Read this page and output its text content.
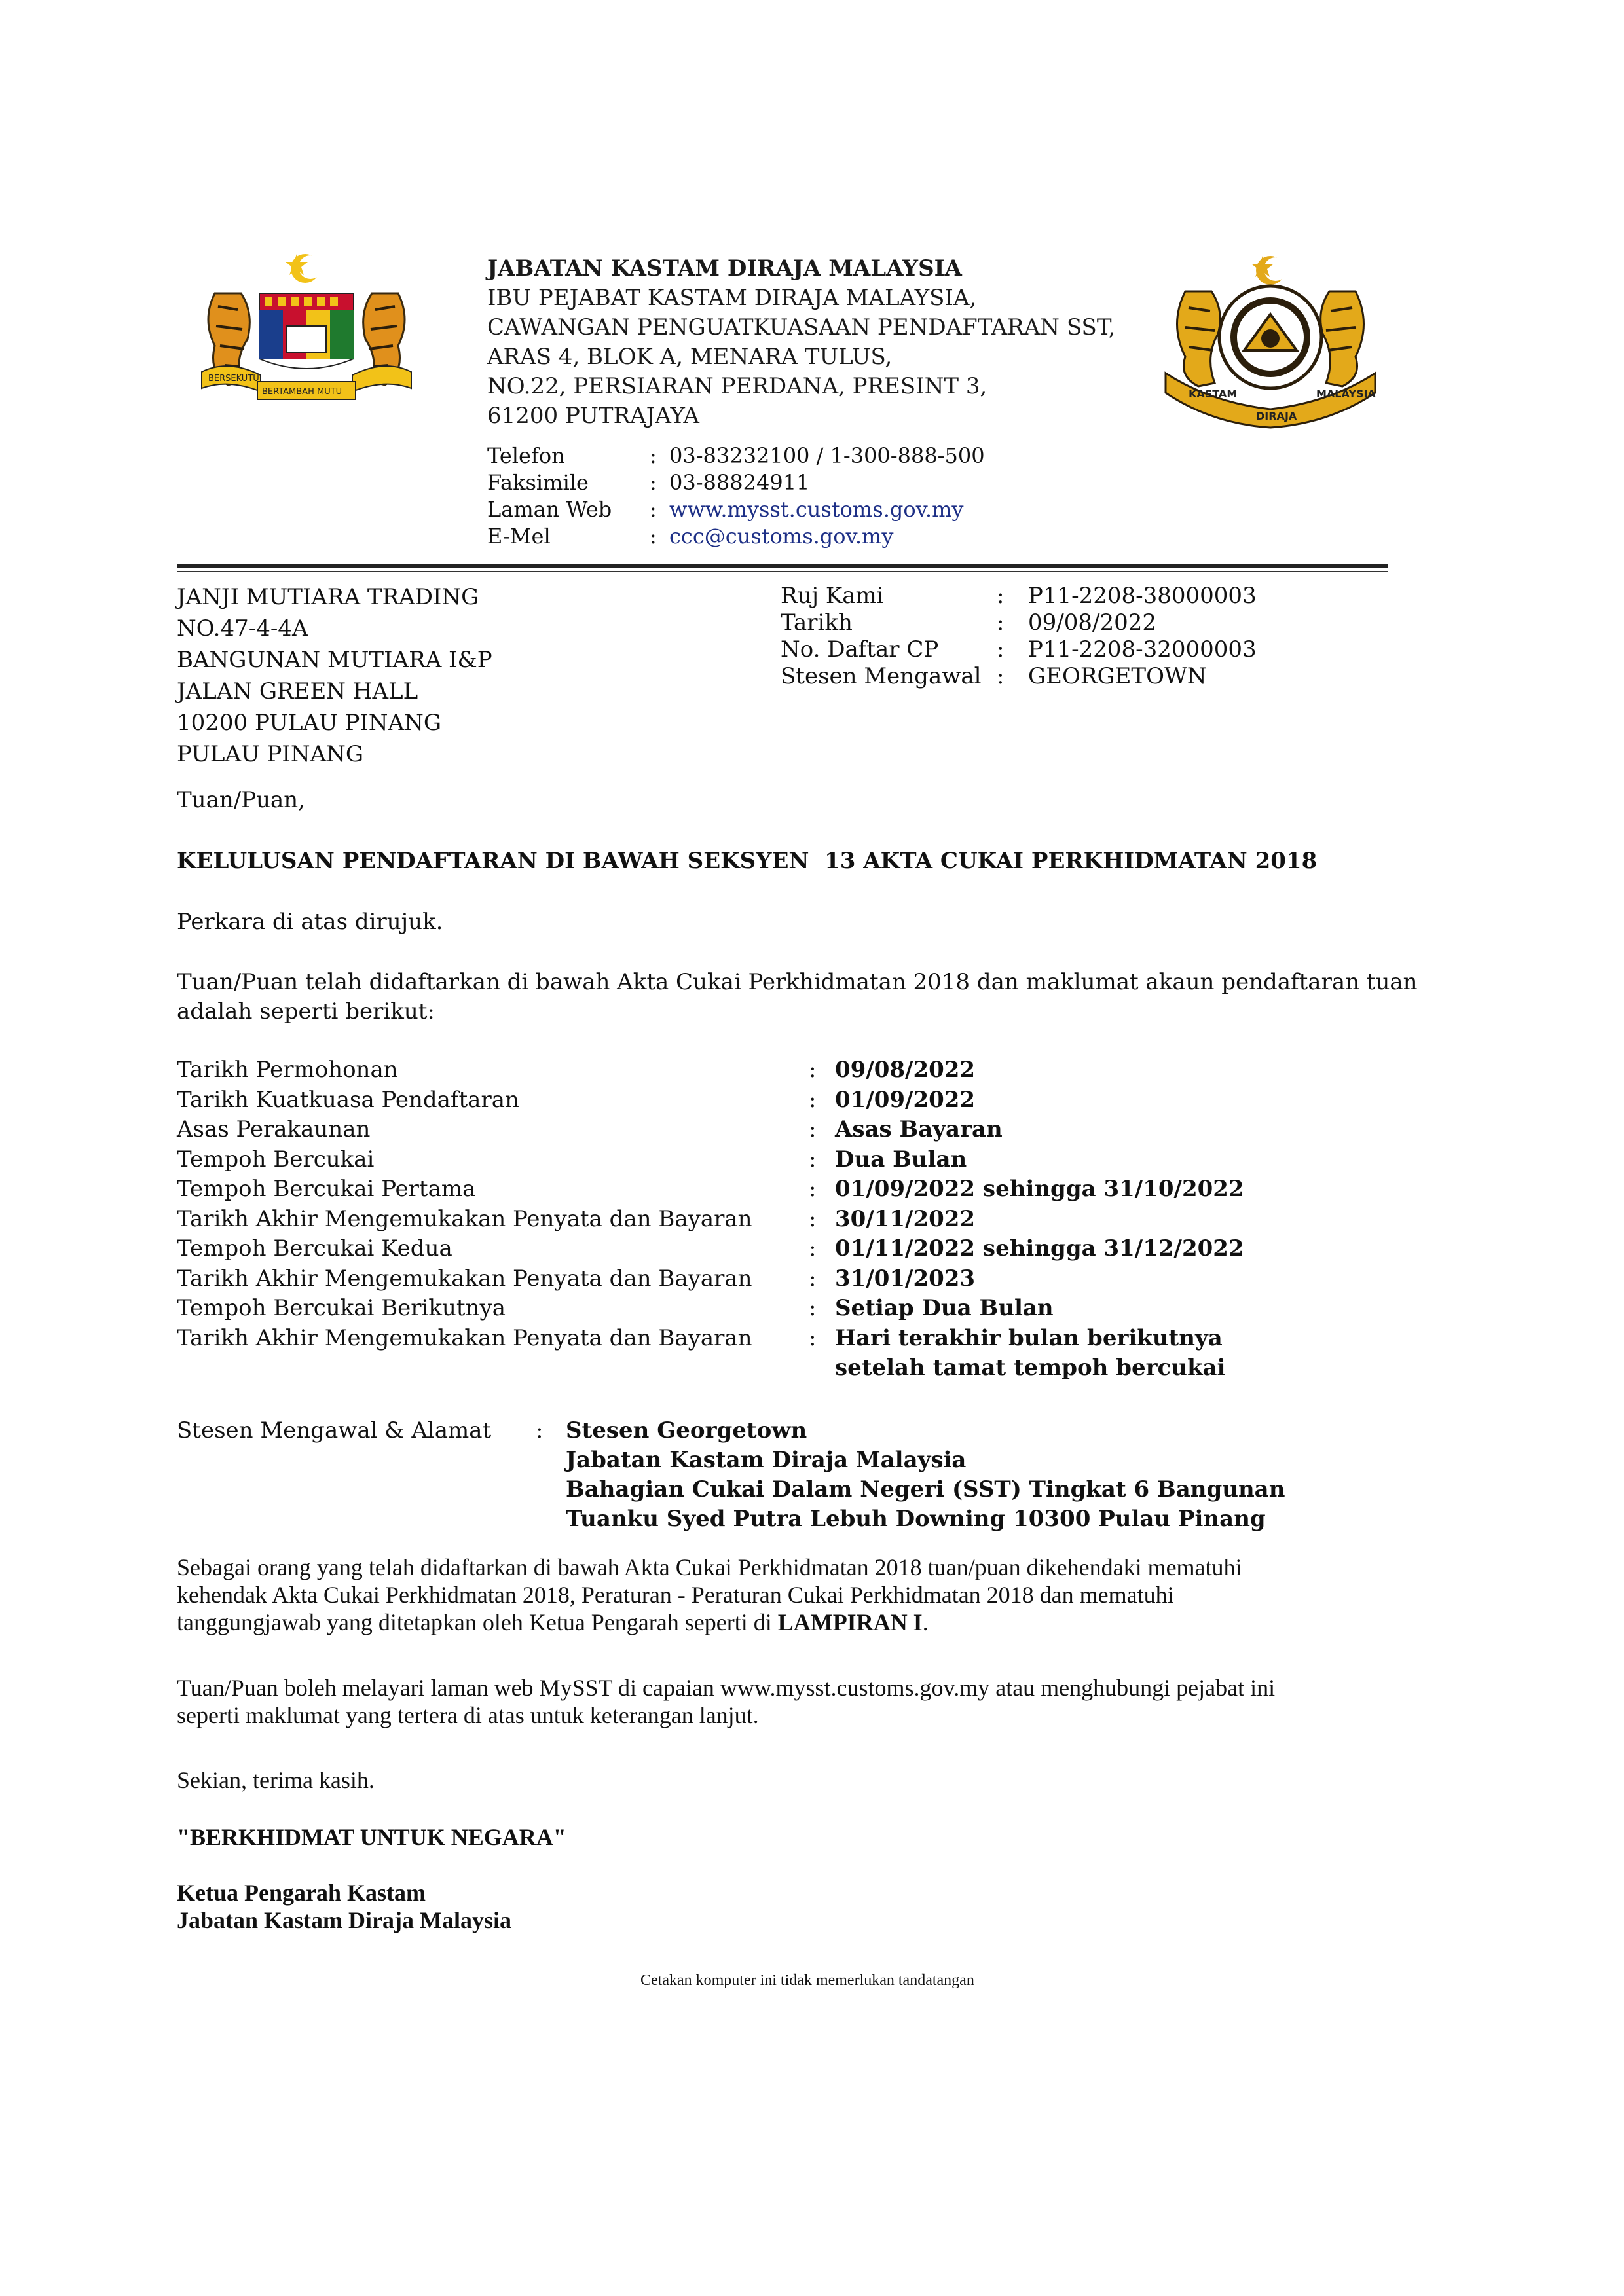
BERSEKUTU
BERTAMBAH MUTU	KASTAM	MALAYSIA
DIRAJA
JABATAN KASTAM DIRAJA MALAYSIA
IBU PEJABAT KASTAM DIRAJA MALAYSIA,
CAWANGAN PENGUATKUASAAN PENDAFTARAN SST,
ARAS 4, BLOK A, MENARA TULUS,
NO.22, PERSIARAN PERDANA, PRESINT 3,
61200 PUTRAJAYA
Telefon	: 03-83232100 / 1-300-888-500
Faksimile	: 03-88824911
Laman Web : www.mysst.customs.gov.my
E-Mel	: ccc@customs.gov.my
JANJI MUTIARA TRADING
NO.47-4-4A
BANGUNAN MUTIARA I&P
JALAN GREEN HALL
10200 PULAU PINANG
PULAU PINANG
Ruj Kami	: P11-2208-38000003
Tarikh	: 09/08/2022
No. Daftar CP	: P11-2208-32000003
Stesen Mengawal : GEORGETOWN
Tuan/Puan,
KELULUSAN PENDAFTARAN DI BAWAH SEKSYEN  13 AKTA CUKAI PERKHIDMATAN 2018
Perkara di atas dirujuk.
Tuan/Puan telah didaftarkan di bawah Akta Cukai Perkhidmatan 2018 dan maklumat akaun pendaftaran tuan
adalah seperti berikut:
Tarikh Permohonan	: 09/08/2022
Tarikh Kuatkuasa Pendaftaran	: 01/09/2022
Asas Perakaunan	: Asas Bayaran
Tempoh Bercukai	: Dua Bulan
Tempoh Bercukai Pertama	: 01/09/2022 sehingga 31/10/2022
Tarikh Akhir Mengemukakan Penyata dan Bayaran	: 30/11/2022
Tempoh Bercukai Kedua	: 01/11/2022 sehingga 31/12/2022
Tarikh Akhir Mengemukakan Penyata dan Bayaran	: 31/01/2023
Tempoh Bercukai Berikutnya	: Setiap Dua Bulan
Tarikh Akhir Mengemukakan Penyata dan Bayaran	: Hari terakhir bulan berikutnya
setelah tamat tempoh bercukai
Stesen Mengawal & Alamat : Stesen Georgetown
Jabatan Kastam Diraja Malaysia
Bahagian Cukai Dalam Negeri (SST) Tingkat 6 Bangunan
Tuanku Syed Putra Lebuh Downing 10300 Pulau Pinang
Sebagai orang yang telah didaftarkan di bawah Akta Cukai Perkhidmatan 2018 tuan/puan dikehendaki mematuhi
kehendak Akta Cukai Perkhidmatan 2018, Peraturan - Peraturan Cukai Perkhidmatan 2018 dan mematuhi
tanggungjawab yang ditetapkan oleh Ketua Pengarah seperti di LAMPIRAN I.
Tuan/Puan boleh melayari laman web MySST di capaian www.mysst.customs.gov.my atau menghubungi pejabat ini
seperti maklumat yang tertera di atas untuk keterangan lanjut.
Sekian, terima kasih.
"BERKHIDMAT UNTUK NEGARA"
Ketua Pengarah Kastam
Jabatan Kastam Diraja Malaysia
Cetakan komputer ini tidak memerlukan tandatangan
